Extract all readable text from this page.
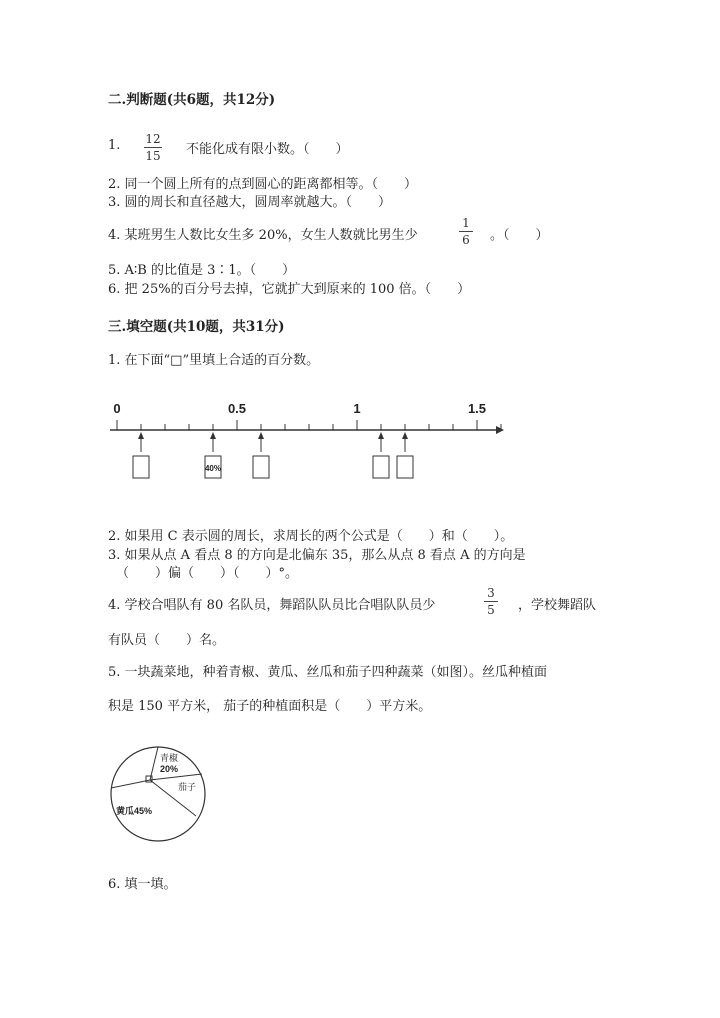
二.判断题(共6题，共12分)
1. 12
15 不能化成有限小数。（　　）
2. 同一个圆上所有的点到圆心的距离都相等。（　　）
3. 圆的周长和直径越大，圆周率就越大。（　　）
4. 某班男生人数比女生多 20%，女生人数就比男生少
1
6 。（　　）
5. A∶B 的比值是 3∶1。（　　）
6. 把 25%的百分号去掉，它就扩大到原来的 100 倍。（　　）
三.填空题(共10题，共31分)
1. 在下面“□”里填上合适的百分数。
0	0.5	1	1.5
40%
2. 如果用 C 表示圆的周长，求周长的两个公式是（　　）和（　　）。
3. 如果从点 A 看点 8 的方向是北偏东 35，那么从点 8 看点 A 的方向是
（　　）偏（　　）（　　）°。
4. 学校合唱队有 80 名队员，舞蹈队队员比合唱队队员少
3
5 ，学校舞蹈队
有队员（　　）名。
5. 一块蔬菜地，种着青椒、黄瓜、丝瓜和茄子四种蔬菜（如图）。丝瓜种植面
积是 150 平方米， 茄子的种植面积是（　　）平方米。
青椒
20%
茄子
黄瓜45%
6. 填一填。
